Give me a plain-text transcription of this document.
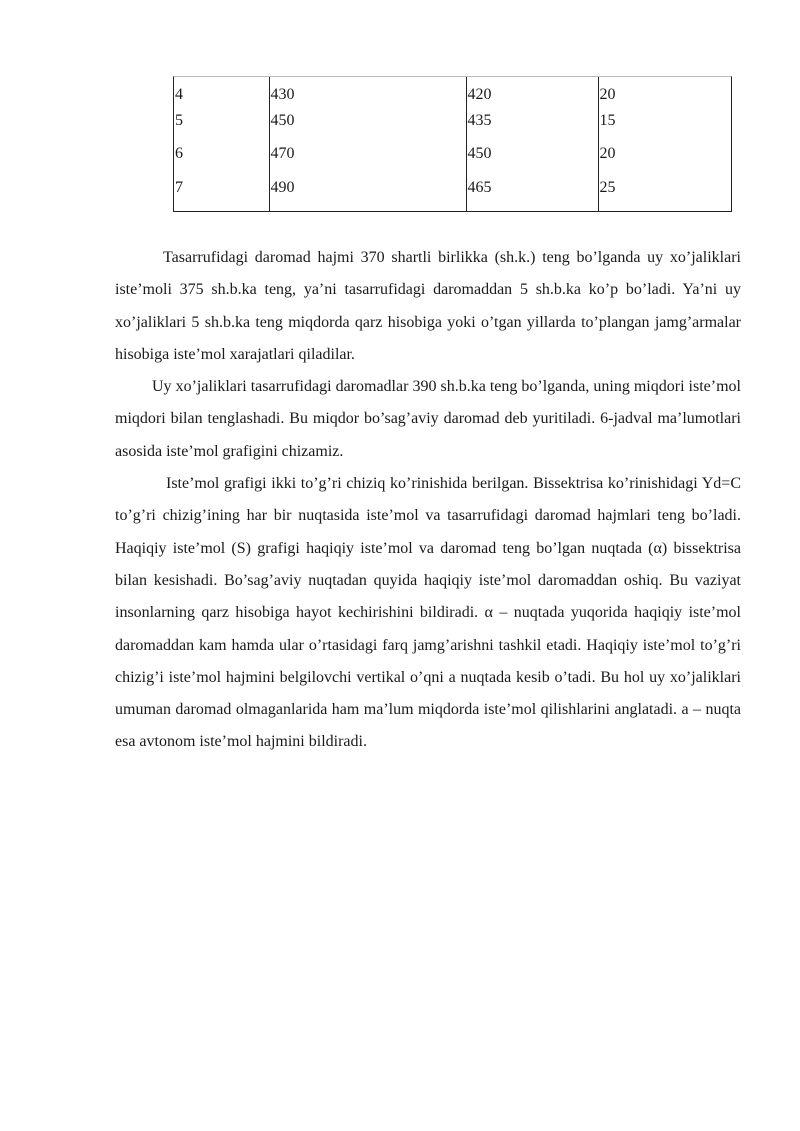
4	430	420	20
5	450	435	15
6	470	450	20
7	490	465	25

Tasarrufidagi daromad hajmi 370 shartli birlikka (sh.k.) teng bo’lganda uy xo’jaliklari iste’moli 375 sh.b.ka teng, ya’ni tasarrufidagi daromaddan 5 sh.b.ka ko’p bo’ladi. Ya’ni uy xo’jaliklari 5 sh.b.ka teng miqdorda qarz hisobiga yoki o’tgan yillarda to’plangan jamg’armalar hisobiga iste’mol xarajatlari qiladilar.

Uy xo’jaliklari tasarrufidagi daromadlar 390 sh.b.ka teng bo’lganda, uning miqdori iste’mol miqdori bilan tenglashadi. Bu miqdor bo’sag’aviy daromad deb yuritiladi. 6-jadval ma’lumotlari asosida iste’mol grafigini chizamiz.

Iste’mol grafigi ikki to’g’ri chiziq ko’rinishida berilgan. Bissektrisa ko’rinishidagi Yd=C to’g’ri chizig’ining har bir nuqtasida iste’mol va tasarrufidagi daromad hajmlari teng bo’ladi. Haqiqiy iste’mol (S) grafigi haqiqiy iste’mol va daromad teng bo’lgan nuqtada (α) bissektrisa bilan kesishadi. Bo’sag’aviy nuqtadan quyida haqiqiy iste’mol daromaddan oshiq. Bu vaziyat insonlarning qarz hisobiga hayot kechirishini bildiradi. α – nuqtada yuqorida haqiqiy iste’mol daromaddan kam hamda ular o’rtasidagi farq jamg’arishni tashkil etadi. Haqiqiy iste’mol to’g’ri chizig’i iste’mol hajmini belgilovchi vertikal o’qni a nuqtada kesib o’tadi. Bu hol uy xo’jaliklari umuman daromad olmaganlarida ham ma’lum miqdorda iste’mol qilishlarini anglatadi. a – nuqta esa avtonom iste’mol hajmini bildiradi.
